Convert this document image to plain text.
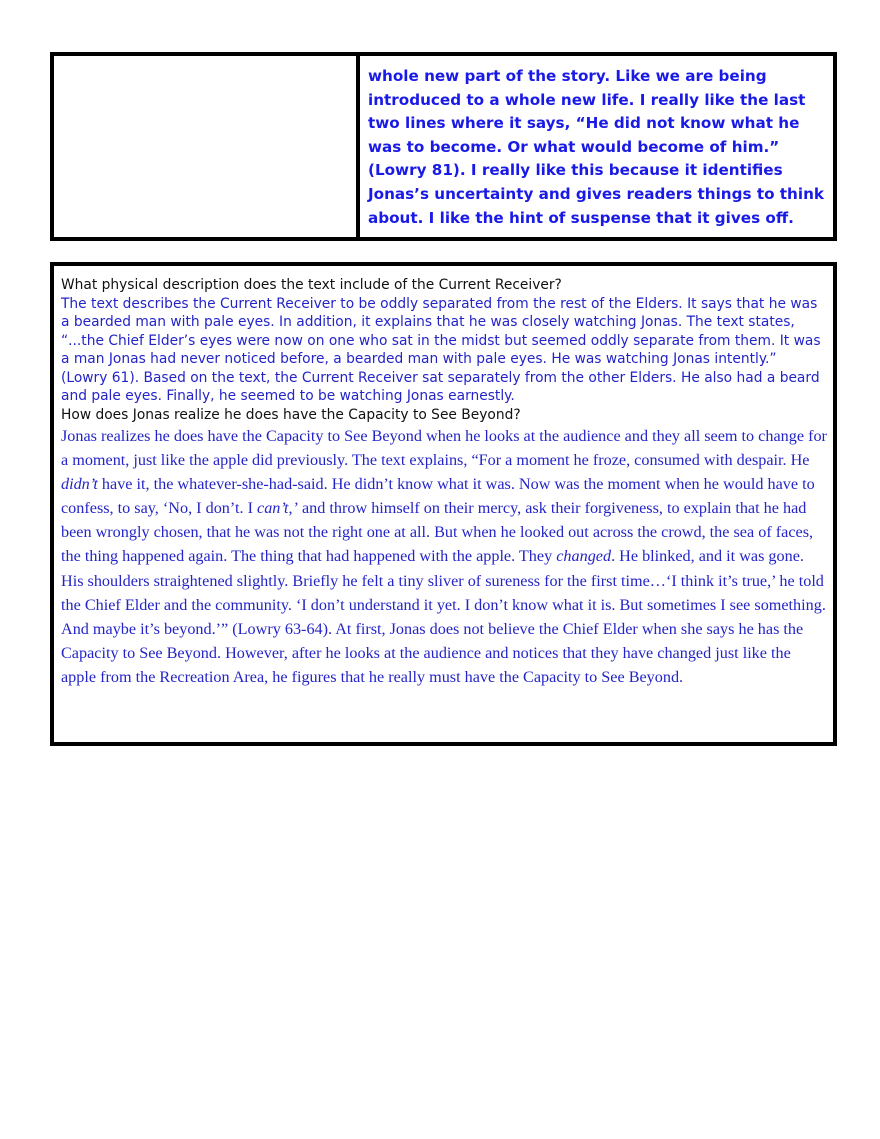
whole new part of the story. Like we are being introduced to a whole new life. I really like the last two lines where it says, “He did not know what he was to become. Or what would become of him.” (Lowry 81). I really like this because it identifies Jonas’s uncertainty and gives readers things to think about. I like the hint of suspense that it gives off.

What physical description does the text include of the Current Receiver?

The text describes the Current Receiver to be oddly separated from the rest of the Elders. It says that he was a bearded man with pale eyes. In addition, it explains that he was closely watching Jonas. The text states, “...the Chief Elder’s eyes were now on one who sat in the midst but seemed oddly separate from them. It was a man Jonas had never noticed before, a bearded man with pale eyes. He was watching Jonas intently.” (Lowry 61). Based on the text, the Current Receiver sat separately from the other Elders. He also had a beard and pale eyes. Finally, he seemed to be watching Jonas earnestly.

How does Jonas realize he does have the Capacity to See Beyond?

Jonas realizes he does have the Capacity to See Beyond when he looks at the audience and they all seem to change for a moment, just like the apple did previously. The text explains, “For a moment he froze, consumed with despair. He didn’t have it, the whatever-she-had-said. He didn’t know what it was. Now was the moment when he would have to confess, to say, ‘No, I don’t. I can’t,’ and throw himself on their mercy, ask their forgiveness, to explain that he had been wrongly chosen, that he was not the right one at all. But when he looked out across the crowd, the sea of faces, the thing happened again. The thing that had happened with the apple. They changed. He blinked, and it was gone. His shoulders straightened slightly. Briefly he felt a tiny sliver of sureness for the first time…‘I think it’s true,’ he told the Chief Elder and the community. ‘I don’t understand it yet. I don’t know what it is. But sometimes I see something. And maybe it’s beyond.’” (Lowry 63-64). At first, Jonas does not believe the Chief Elder when she says he has the Capacity to See Beyond. However, after he looks at the audience and notices that they have changed just like the apple from the Recreation Area, he figures that he really must have the Capacity to See Beyond.
